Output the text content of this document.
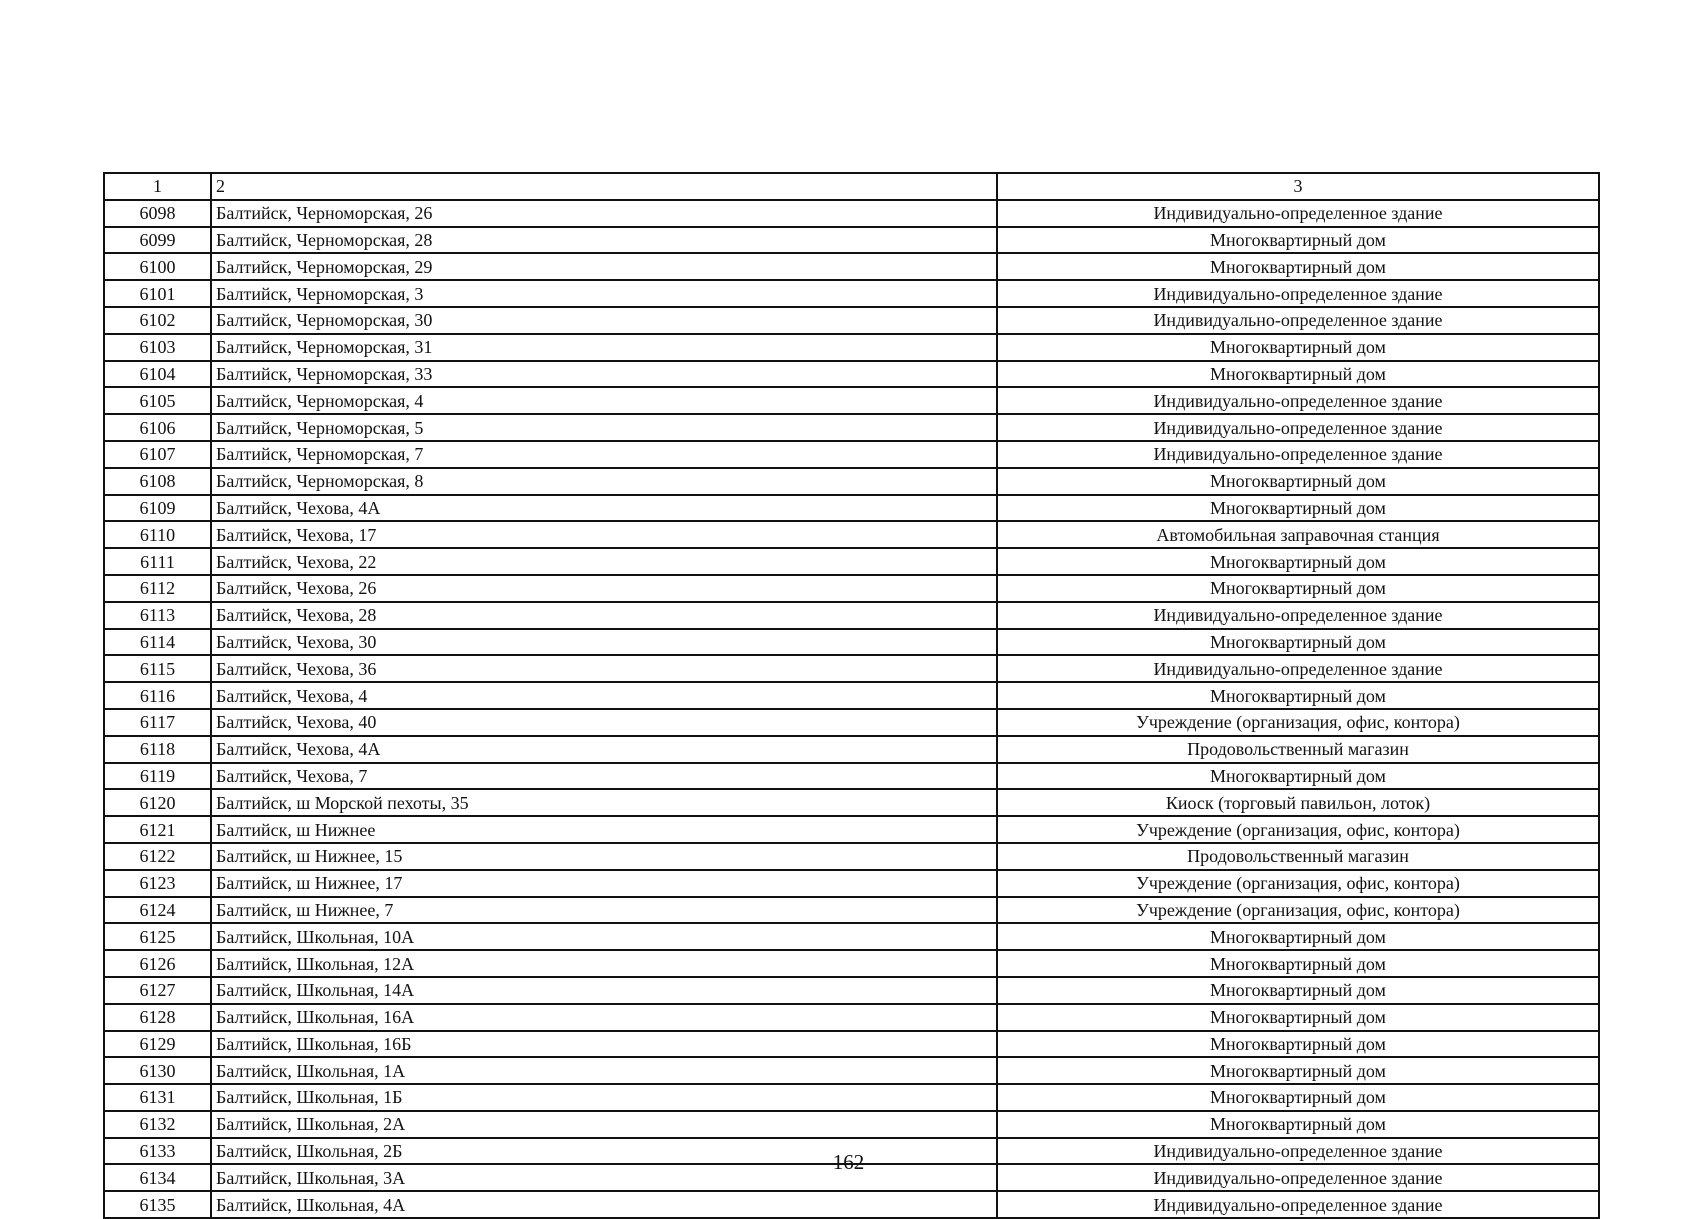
1	2	3
6098	Балтийск, Черноморская, 26	Индивидуально-определенное здание
6099	Балтийск, Черноморская, 28	Многоквартирный дом
6100	Балтийск, Черноморская, 29	Многоквартирный дом
6101	Балтийск, Черноморская, 3	Индивидуально-определенное здание
6102	Балтийск, Черноморская, 30	Индивидуально-определенное здание
6103	Балтийск, Черноморская, 31	Многоквартирный дом
6104	Балтийск, Черноморская, 33	Многоквартирный дом
6105	Балтийск, Черноморская, 4	Индивидуально-определенное здание
6106	Балтийск, Черноморская, 5	Индивидуально-определенное здание
6107	Балтийск, Черноморская, 7	Индивидуально-определенное здание
6108	Балтийск, Черноморская, 8	Многоквартирный дом
6109	Балтийск, Чехова, 4А	Многоквартирный дом
6110	Балтийск, Чехова, 17	Автомобильная заправочная станция
6111	Балтийск, Чехова, 22	Многоквартирный дом
6112	Балтийск, Чехова, 26	Многоквартирный дом
6113	Балтийск, Чехова, 28	Индивидуально-определенное здание
6114	Балтийск, Чехова, 30	Многоквартирный дом
6115	Балтийск, Чехова, 36	Индивидуально-определенное здание
6116	Балтийск, Чехова, 4	Многоквартирный дом
6117	Балтийск, Чехова, 40	Учреждение (организация, офис, контора)
6118	Балтийск, Чехова, 4А	Продовольственный магазин
6119	Балтийск, Чехова, 7	Многоквартирный дом
6120	Балтийск, ш Морской пехоты, 35	Киоск (торговый павильон, лоток)
6121	Балтийск, ш Нижнее	Учреждение (организация, офис, контора)
6122	Балтийск, ш Нижнее, 15	Продовольственный магазин
6123	Балтийск, ш Нижнее, 17	Учреждение (организация, офис, контора)
6124	Балтийск, ш Нижнее, 7	Учреждение (организация, офис, контора)
6125	Балтийск, Школьная, 10А	Многоквартирный дом
6126	Балтийск, Школьная, 12А	Многоквартирный дом
6127	Балтийск, Школьная, 14А	Многоквартирный дом
6128	Балтийск, Школьная, 16А	Многоквартирный дом
6129	Балтийск, Школьная, 16Б	Многоквартирный дом
6130	Балтийск, Школьная, 1А	Многоквартирный дом
6131	Балтийск, Школьная, 1Б	Многоквартирный дом
6132	Балтийск, Школьная, 2А	Многоквартирный дом
6133	Балтийск, Школьная, 2Б	Индивидуально-определенное здание
6134	Балтийск, Школьная, 3А	Индивидуально-определенное здание
6135	Балтийск, Школьная, 4А	Индивидуально-определенное здание
162
